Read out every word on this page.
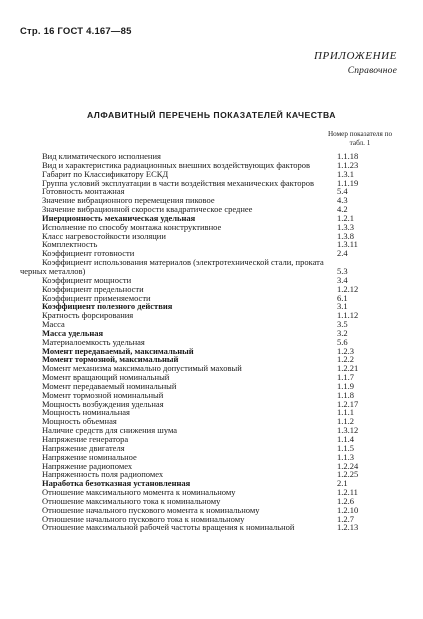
Стр. 16 ГОСТ 4.167—85
ПРИЛОЖЕНИЕ
Справочное
АЛФАВИТНЫЙ ПЕРЕЧЕНЬ ПОКАЗАТЕЛЕЙ КАЧЕСТВА
Номер показателя по табл. 1
Вид климатического исполнения	1.1.18
Вид и характеристика радиационных внешних воздействующих факторов	1.1.23
Габарит по Классификатору ЕСКД	1.3.1
Группа условий эксплуатации в части воздействия механических факторов	1.1.19
Готовность монтажная	5.4
Значение вибрационного перемещения пиковое	4.3
Значение вибрационной скорости квадратическое среднее	4.2
Инерционность механическая удельная	1.2.1
Исполнение по способу монтажа конструктивное	1.3.3
Класс нагревостойкости изоляции	1.3.8
Комплектность	1.3.11
Коэффициент готовности	2.4
Коэффициент использования материалов (электротехнической стали, проката черных металлов)	5.3
Коэффициент мощности	3.4
Коэффициент предельности	1.2.12
Коэффициент применяемости	6.1
Коэффициент полезного действия	3.1
Кратность форсирования	1.1.12
Масса	3.5
Масса удельная	3.2
Материалоемкость удельная	5.6
Момент передаваемый, максимальный	1.2.3
Момент тормозной, максимальный	1.2.2
Момент механизма максимально допустимый маховый	1.2.21
Момент вращающий номинальный	1.1.7
Момент передаваемый номинальный	1.1.9
Момент тормозной номинальный	1.1.8
Мощность возбуждения удельная	1.2.17
Мощность номинальная	1.1.1
Мощность объемная	1.1.2
Наличие средств для снижения шума	1.3.12
Напряжение генератора	1.1.4
Напряжение двигателя	1.1.5
Напряжение номинальное	1.1.3
Напряжение радиопомех	1.2.24
Напряженность поля радиопомех	1.2.25
Наработка безотказная установленная	2.1
Отношение максимального момента к номинальному	1.2.11
Отношение максимального тока к номинальному	1.2.6
Отношение начального пускового момента к номинальному	1.2.10
Отношение начального пускового тока к номинальному	1.2.7
Отношение максимальной рабочей частоты вращения к номинальной	1.2.13
